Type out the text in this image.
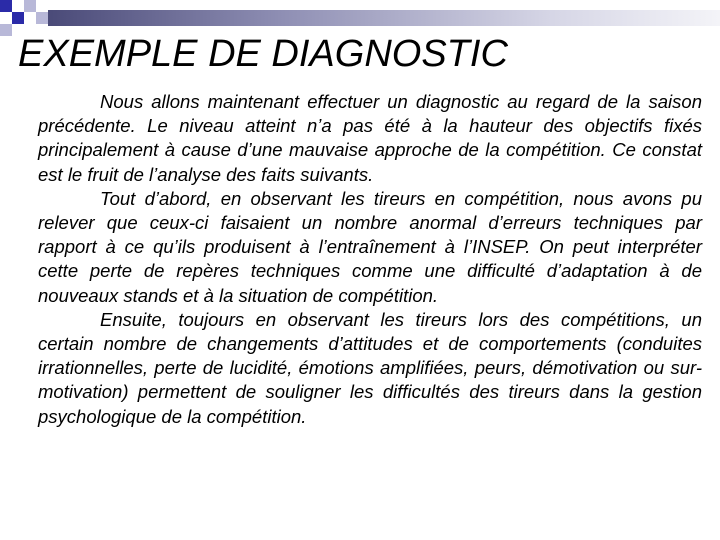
EXEMPLE DE DIAGNOSTIC

Nous allons maintenant effectuer un diagnostic au regard de la saison précédente. Le niveau atteint n’a pas été à la hauteur des objectifs fixés principalement à cause d’une mauvaise approche de la compétition. Ce constat est le fruit de l’analyse des faits suivants.

Tout d’abord, en observant les tireurs en compétition, nous avons pu relever que ceux-ci faisaient un nombre anormal d’erreurs techniques par rapport à ce qu’ils produisent à l’entraînement à l’INSEP. On peut interpréter cette perte de repères techniques comme une difficulté d’adaptation à de nouveaux stands et à la situation de compétition.

Ensuite, toujours en observant les tireurs lors des compétitions, un certain nombre de changements d’attitudes et de comportements (conduites irrationnelles, perte de lucidité, émotions amplifiées, peurs, démotivation ou sur-motivation) permettent de souligner les difficultés des tireurs dans la gestion psychologique de la compétition.
